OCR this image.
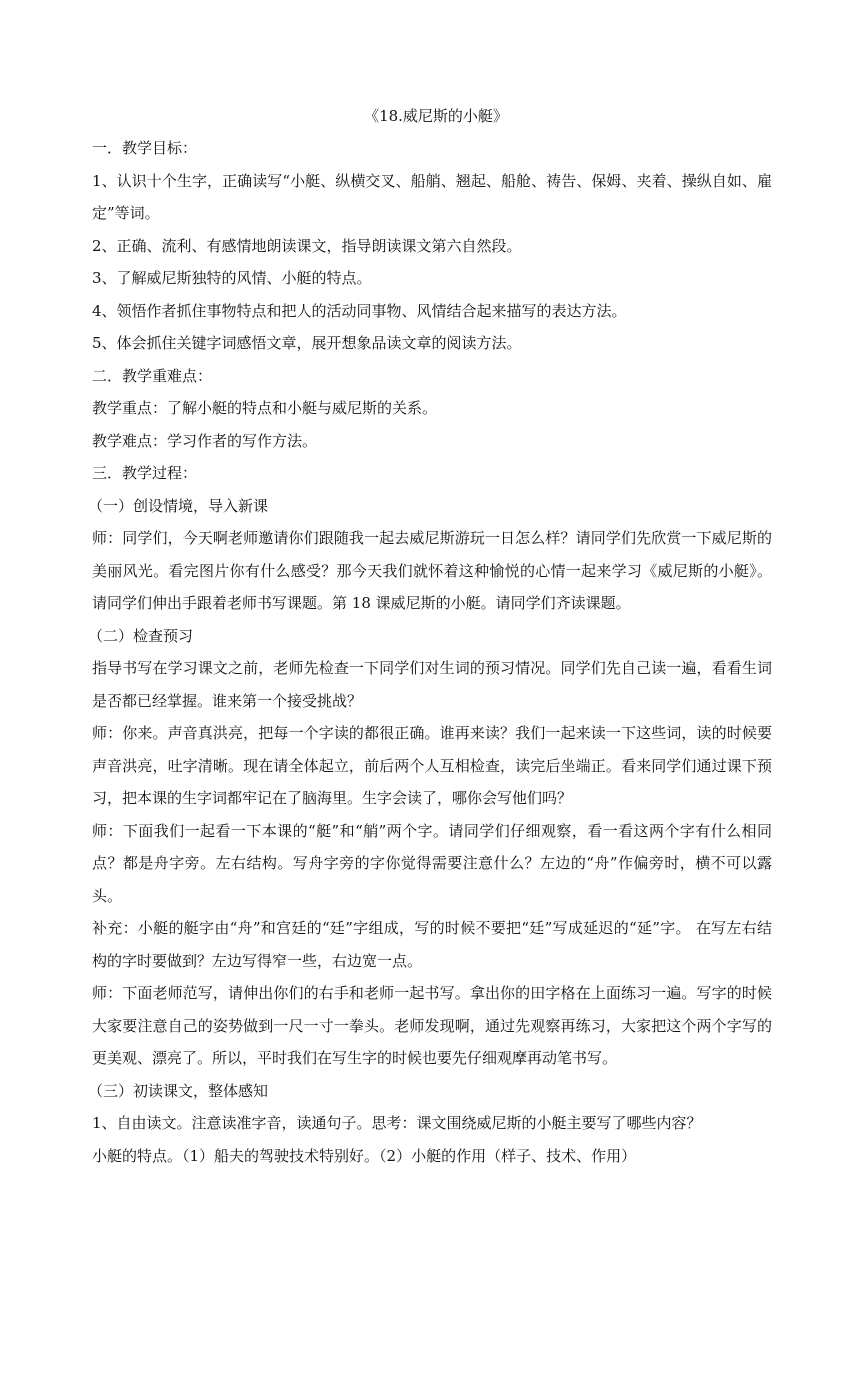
《18.威尼斯的小艇》

一．教学目标：

1、认识十个生字，正确读写“小艇、纵横交叉、船艄、翘起、船舱、祷告、保姆、夹着、操纵自如、雇定”等词。

2、正确、流利、有感情地朗读课文，指导朗读课文第六自然段。

3、了解威尼斯独特的风情、小艇的特点。

4、领悟作者抓住事物特点和把人的活动同事物、风情结合起来描写的表达方法。

5、体会抓住关键字词感悟文章，展开想象品读文章的阅读方法。

二．教学重难点：

教学重点：了解小艇的特点和小艇与威尼斯的关系。

教学难点：学习作者的写作方法。

三．教学过程：

（一）创设情境，导入新课

师：同学们，今天啊老师邀请你们跟随我一起去威尼斯游玩一日怎么样？请同学们先欣赏一下威尼斯的美丽风光。看完图片你有什么感受？那今天我们就怀着这种愉悦的心情一起来学习《威尼斯的小艇》。请同学们伸出手跟着老师书写课题。第 18 课威尼斯的小艇。请同学们齐读课题。

（二）检查预习

指导书写在学习课文之前，老师先检查一下同学们对生词的预习情况。同学们先自己读一遍，看看生词是否都已经掌握。谁来第一个接受挑战？

师：你来。声音真洪亮，把每一个字读的都很正确。谁再来读？我们一起来读一下这些词，读的时候要声音洪亮，吐字清晰。现在请全体起立，前后两个人互相检查，读完后坐端正。看来同学们通过课下预习，把本课的生字词都牢记在了脑海里。生字会读了，哪你会写他们吗？

师：下面我们一起看一下本课的“艇”和“艄”两个字。请同学们仔细观察，看一看这两个字有什么相同点？都是舟字旁。左右结构。写舟字旁的字你觉得需要注意什么？左边的“舟”作偏旁时，横不可以露头。

补充：小艇的艇字由“舟”和宫廷的“廷”字组成，写的时候不要把“廷”写成延迟的“延”字。 在写左右结构的字时要做到？左边写得窄一些，右边宽一点。

师：下面老师范写，请伸出你们的右手和老师一起书写。拿出你的田字格在上面练习一遍。写字的时候大家要注意自己的姿势做到一尺一寸一拳头。老师发现啊，通过先观察再练习，大家把这个两个字写的更美观、漂亮了。所以，平时我们在写生字的时候也要先仔细观摩再动笔书写。

（三）初读课文，整体感知

1、自由读文。注意读准字音，读通句子。思考：课文围绕威尼斯的小艇主要写了哪些内容？

小艇的特点。（1）船夫的驾驶技术特别好。（2）小艇的作用（样子、技术、作用）
